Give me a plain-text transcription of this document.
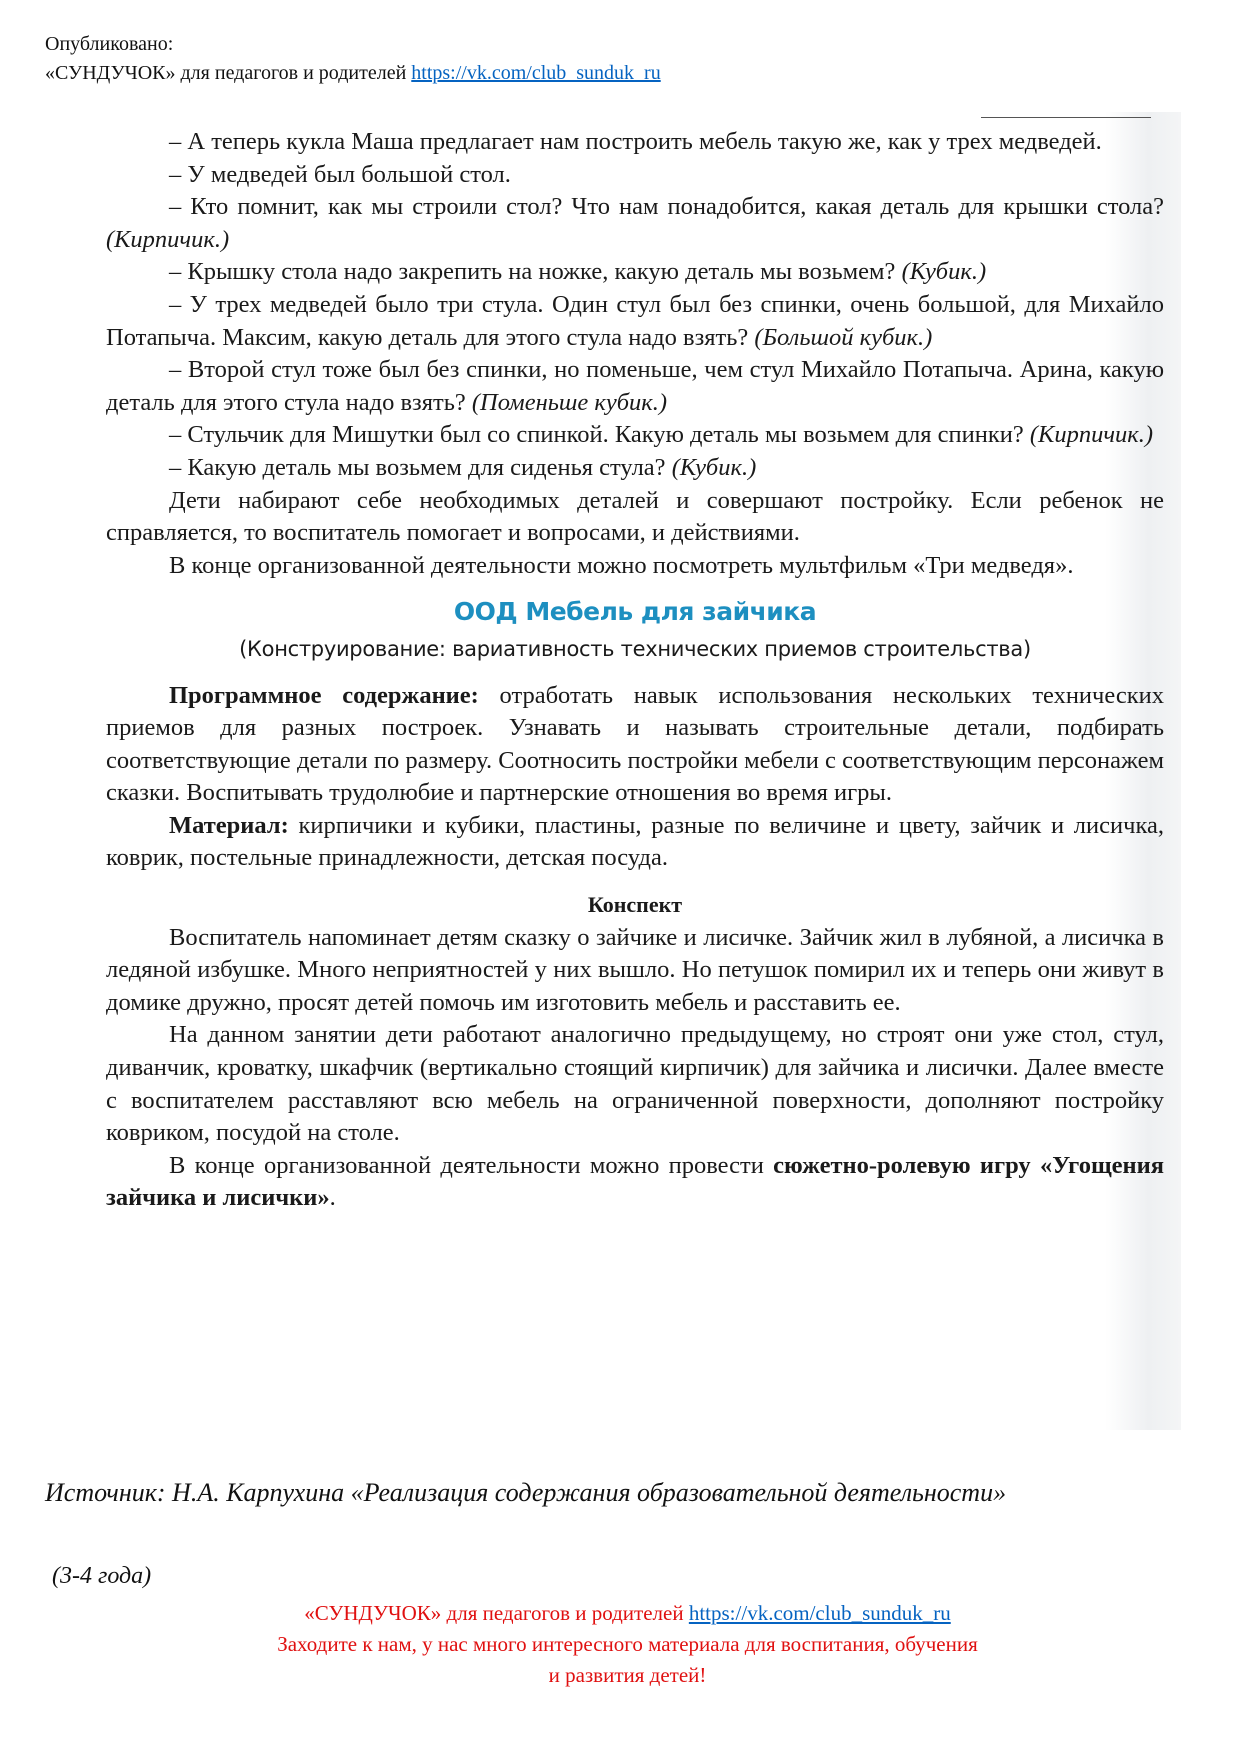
Опубликовано:
«СУНДУЧОК» для педагогов и родителей https://vk.com/club_sunduk_ru

– А теперь кукла Маша предлагает нам построить мебель такую же, как у трех медведей.

– У медведей был большой стол.

– Кто помнит, как мы строили стол? Что нам понадобится, какая деталь для крышки стола? (Кирпичик.)

– Крышку стола надо закрепить на ножке, какую деталь мы возьмем? (Кубик.)

– У трех медведей было три стула. Один стул был без спинки, очень большой, для Михайло Потапыча. Максим, какую деталь для этого стула надо взять? (Большой кубик.)

– Второй стул тоже был без спинки, но поменьше, чем стул Михайло Потапыча. Арина, какую деталь для этого стула надо взять? (Поменьше кубик.)

– Стульчик для Мишутки был со спинкой. Какую деталь мы возьмем для спинки? (Кирпичик.)

– Какую деталь мы возьмем для сиденья стула? (Кубик.)

Дети набирают себе необходимых деталей и совершают постройку. Если ребенок не справляется, то воспитатель помогает и вопросами, и действиями.

В конце организованной деятельности можно посмотреть мультфильм «Три медведя».

ООД Мебель для зайчика

(Конструирование: вариативность технических приемов строительства)

Программное содержание: отработать навык использования нескольких технических приемов для разных построек. Узнавать и называть строительные детали, подбирать соответствующие детали по размеру. Соотносить постройки мебели с соответствующим персонажем сказки. Воспитывать трудолюбие и партнерские отношения во время игры.

Материал: кирпичики и кубики, пластины, разные по величине и цвету, зайчик и лисичка, коврик, постельные принадлежности, детская посуда.

Конспект

Воспитатель напоминает детям сказку о зайчике и лисичке. Зайчик жил в лубяной, а лисичка в ледяной избушке. Много неприятностей у них вышло. Но петушок помирил их и теперь они живут в домике дружно, просят детей помочь им изготовить мебель и расставить ее.

На данном занятии дети работают аналогично предыдущему, но строят они уже стол, стул, диванчик, кроватку, шкафчик (вертикально стоящий кирпичик) для зайчика и лисички. Далее вместе с воспитателем расставляют всю мебель на ограниченной поверхности, дополняют постройку ковриком, посудой на столе.

В конце организованной деятельности можно провести сюжетно-ролевую игру «Угощения зайчика и лисички».

Источник: Н.А. Карпухина «Реализация содержания образовательной деятельности»
(3-4 года)
«СУНДУЧОК» для педагогов и родителей https://vk.com/club_sunduk_ru
Заходите к нам, у нас много интересного материала для воспитания, обучения
и развития детей!
